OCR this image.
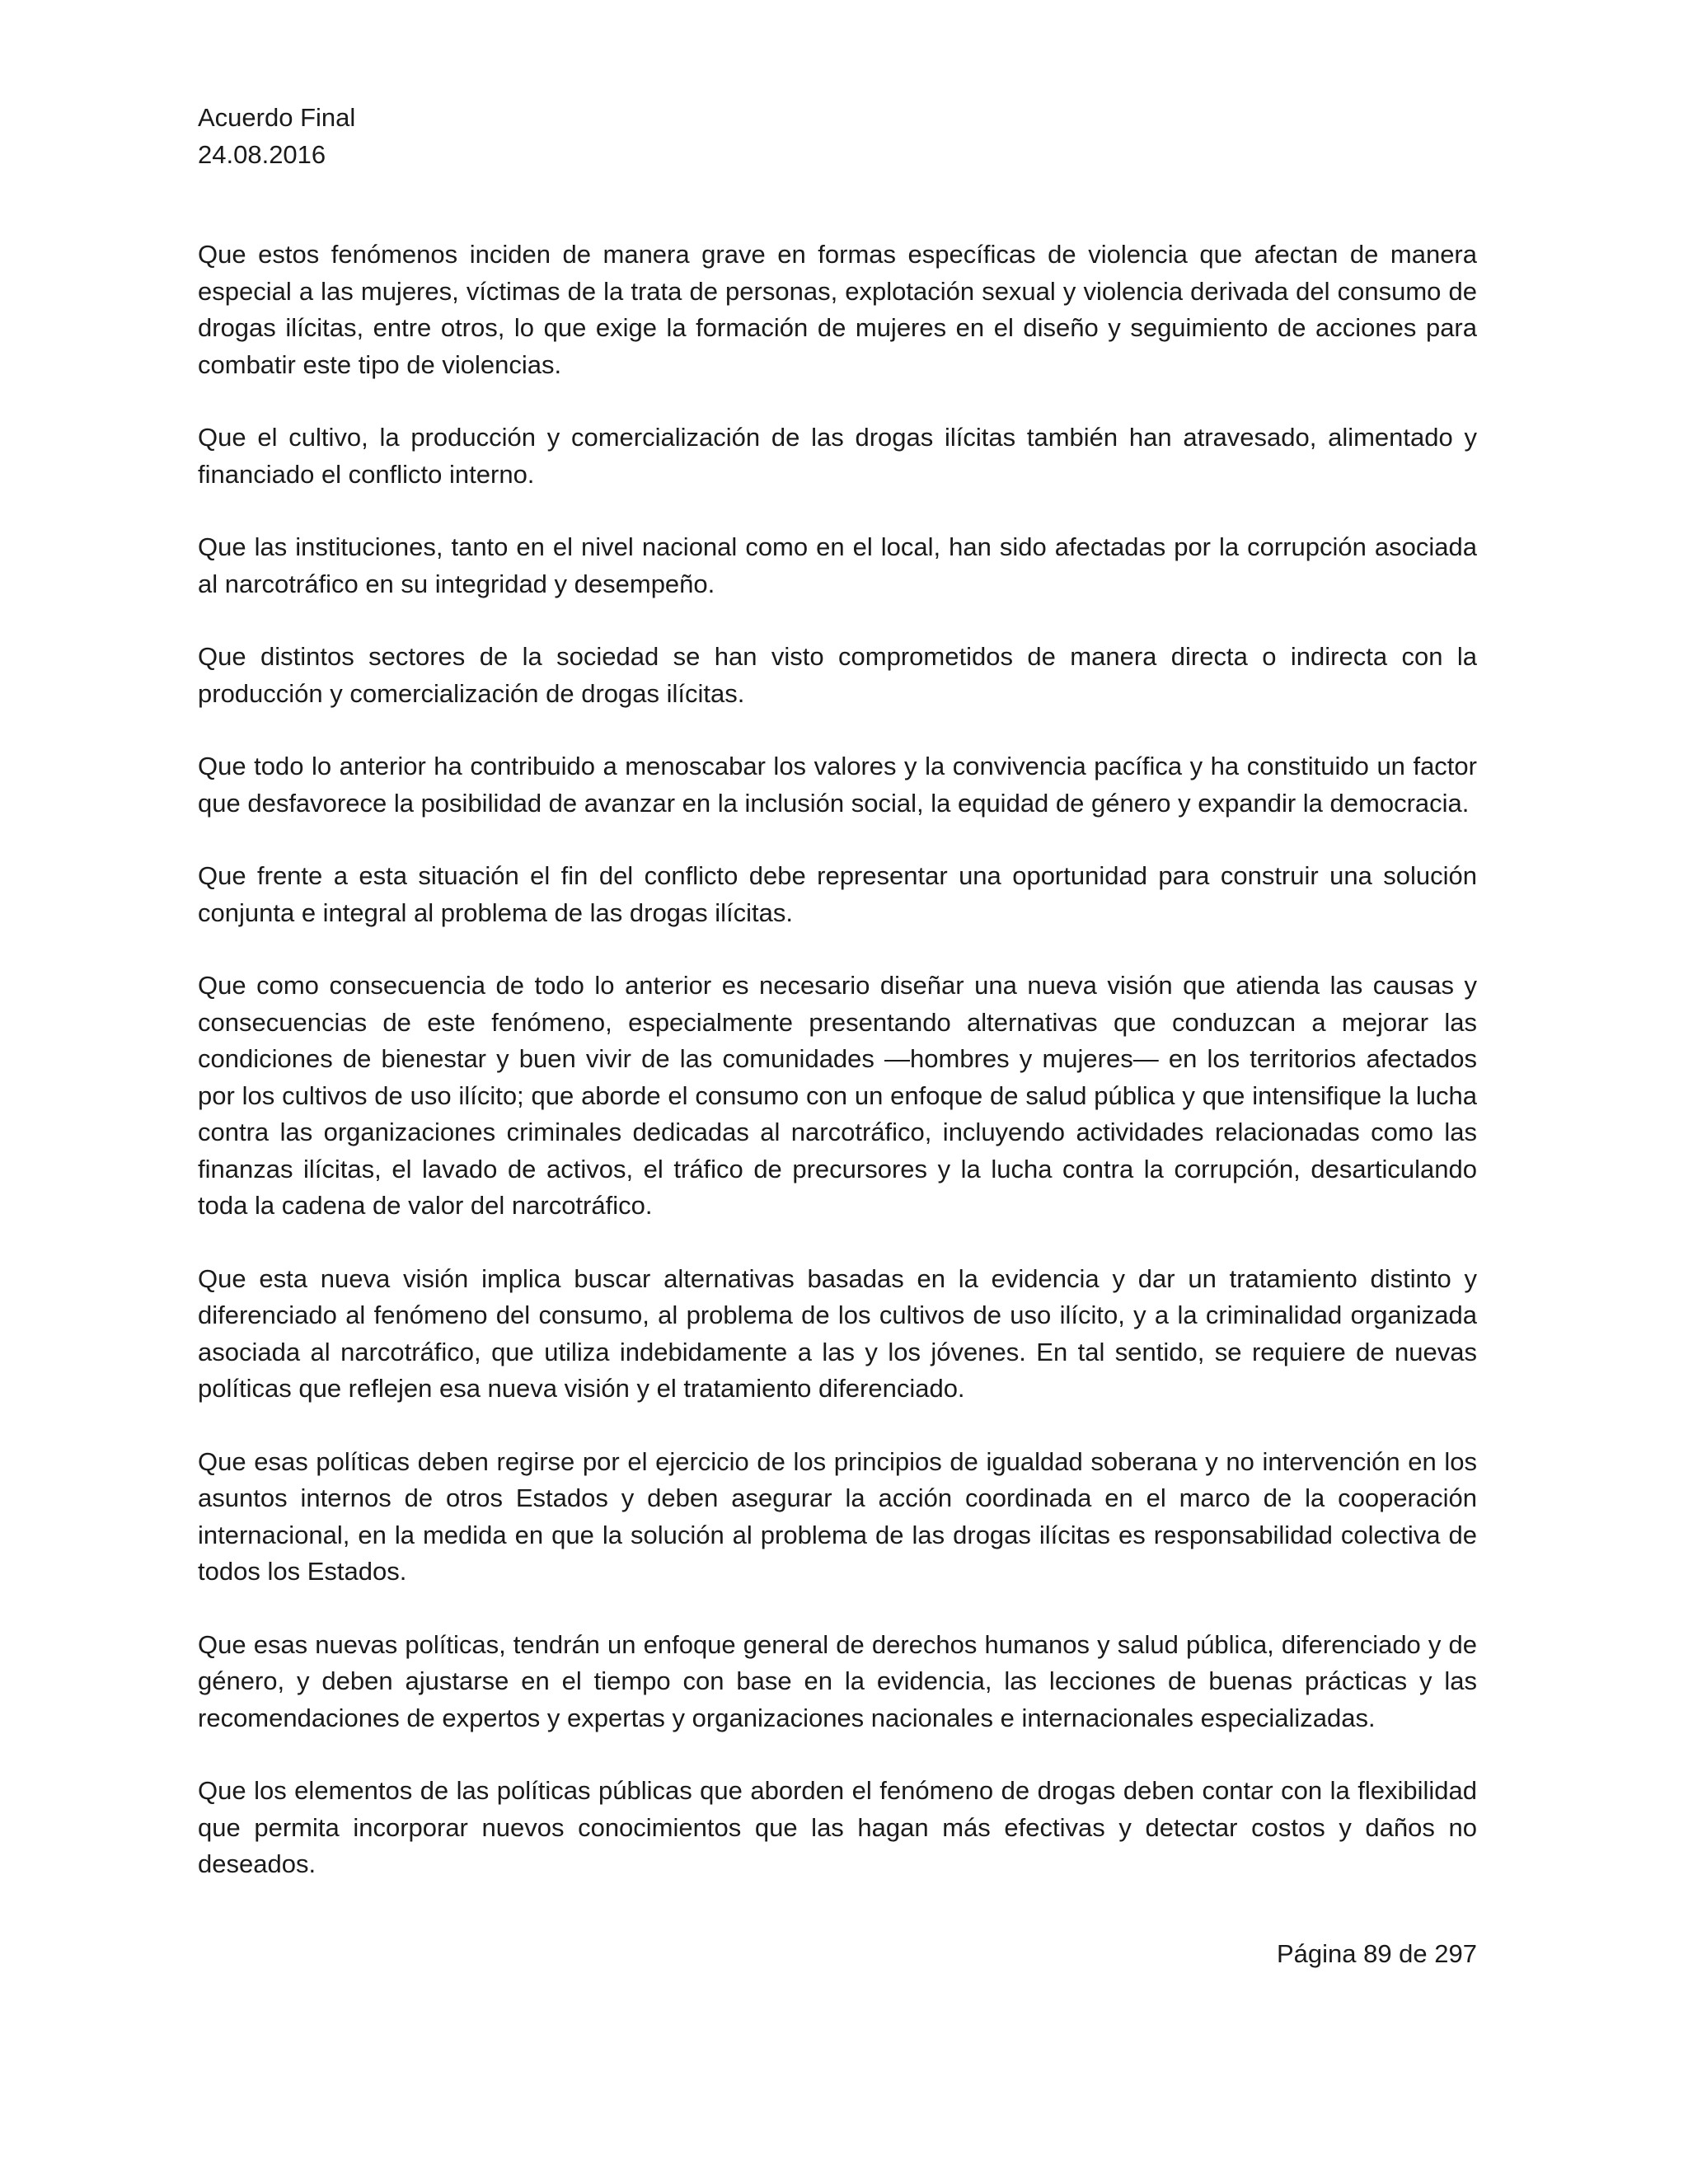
Acuerdo Final
24.08.2016

Que estos fenómenos inciden de manera grave en formas específicas de violencia que afectan de manera especial a las mujeres, víctimas de la trata de personas, explotación sexual y violencia derivada del consumo de drogas ilícitas, entre otros, lo que exige la formación de mujeres en el diseño y seguimiento de acciones para combatir este tipo de violencias.

Que el cultivo, la producción y comercialización de las drogas ilícitas también han atravesado, alimentado y financiado el conflicto interno.

Que las instituciones, tanto en el nivel nacional como en el local, han sido afectadas por la corrupción asociada al narcotráfico en su integridad y desempeño.

Que distintos sectores de la sociedad se han visto comprometidos de manera directa o indirecta con la producción y comercialización de drogas ilícitas.

Que todo lo anterior ha contribuido a menoscabar los valores y la convivencia pacífica y ha constituido un factor que desfavorece la posibilidad de avanzar en la inclusión social, la equidad de género y expandir la democracia.

Que frente a esta situación el fin del conflicto debe representar una oportunidad para construir una solución conjunta e integral al problema de las drogas ilícitas.

Que como consecuencia de todo lo anterior es necesario diseñar una nueva visión que atienda las causas y consecuencias de este fenómeno, especialmente presentando alternativas que conduzcan a mejorar las condiciones de bienestar y buen vivir de las comunidades —hombres y mujeres— en los territorios afectados por los cultivos de uso ilícito; que aborde el consumo con un enfoque de salud pública y que intensifique la lucha contra las organizaciones criminales dedicadas al narcotráfico, incluyendo actividades relacionadas como las finanzas ilícitas, el lavado de activos, el tráfico de precursores y la lucha contra la corrupción, desarticulando toda la cadena de valor del narcotráfico.

Que esta nueva visión implica buscar alternativas basadas en la evidencia y dar un tratamiento distinto y diferenciado al fenómeno del consumo, al problema de los cultivos de uso ilícito, y a la criminalidad organizada asociada al narcotráfico, que utiliza indebidamente a las y los jóvenes. En tal sentido, se requiere de nuevas políticas que reflejen esa nueva visión y el tratamiento diferenciado.

Que esas políticas deben regirse por el ejercicio de los principios de igualdad soberana y no intervención en los asuntos internos de otros Estados y deben asegurar la acción coordinada en el marco de la cooperación internacional, en la medida en que la solución al problema de las drogas ilícitas es responsabilidad colectiva de todos los Estados.

Que esas nuevas políticas, tendrán un enfoque general de derechos humanos y salud pública, diferenciado y de género, y deben ajustarse en el tiempo con base en la evidencia, las lecciones de buenas prácticas y las recomendaciones de expertos y expertas y organizaciones nacionales e internacionales especializadas.

Que los elementos de las políticas públicas que aborden el fenómeno de drogas deben contar con la flexibilidad que permita incorporar nuevos conocimientos que las hagan más efectivas y detectar costos y daños no deseados.

Página 89 de 297
